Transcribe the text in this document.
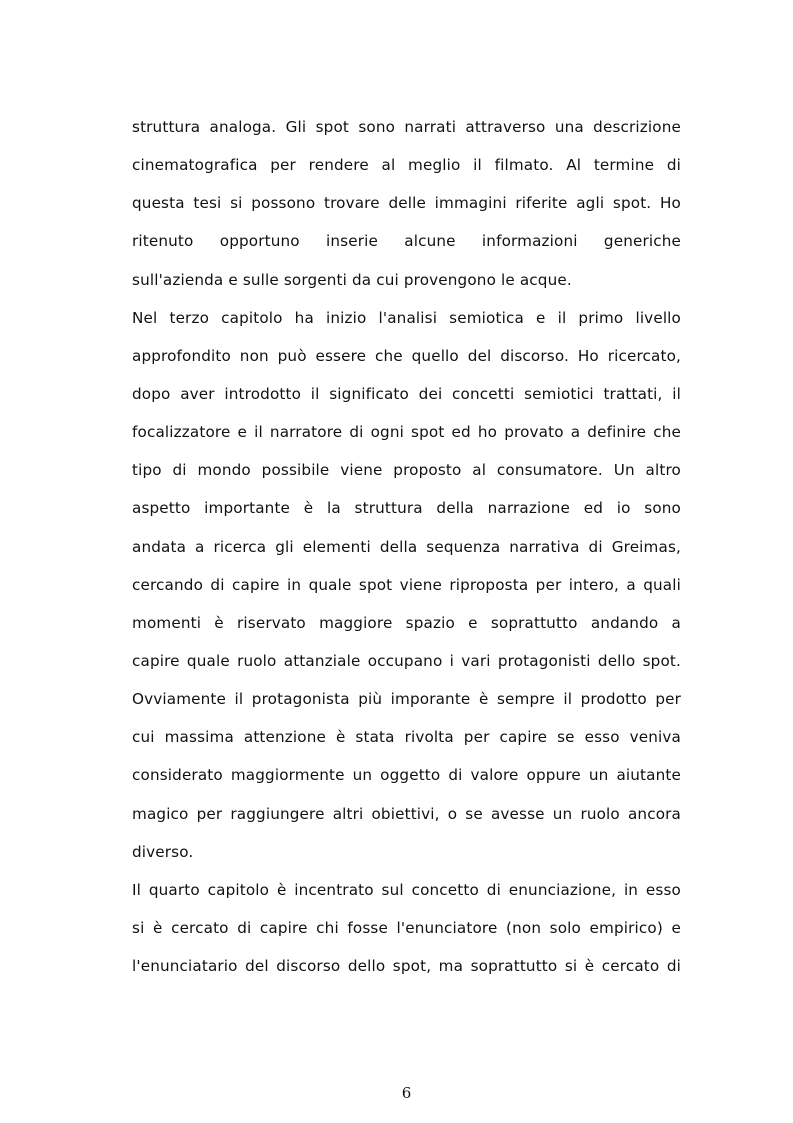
struttura analoga. Gli spot sono narrati attraverso una descrizione
cinematografica per rendere al meglio il filmato. Al termine di
questa tesi si possono trovare delle immagini riferite agli spot. Ho
ritenuto opportuno inserie alcune informazioni generiche
sull'azienda e sulle sorgenti da cui provengono le acque.
Nel terzo capitolo ha inizio l'analisi semiotica e il primo livello
approfondito non può essere che quello del discorso. Ho ricercato,
dopo aver introdotto il significato dei concetti semiotici trattati, il
focalizzatore e il narratore di ogni spot ed ho provato a definire che
tipo di mondo possibile viene proposto al consumatore. Un altro
aspetto importante è la struttura della narrazione ed io sono
andata a ricerca gli elementi della sequenza narrativa di Greimas,
cercando di capire in quale spot viene riproposta per intero, a quali
momenti è riservato maggiore spazio e soprattutto andando a
capire quale ruolo attanziale occupano i vari protagonisti dello spot.
Ovviamente il protagonista più imporante è sempre il prodotto per
cui massima attenzione è stata rivolta per capire se esso veniva
considerato maggiormente un oggetto di valore oppure un aiutante
magico per raggiungere altri obiettivi, o se avesse un ruolo ancora
diverso.
Il quarto capitolo è incentrato sul concetto di enunciazione, in esso
si è cercato di capire chi fosse l'enunciatore (non solo empirico) e
l'enunciatario del discorso dello spot, ma soprattutto si è cercato di
6
